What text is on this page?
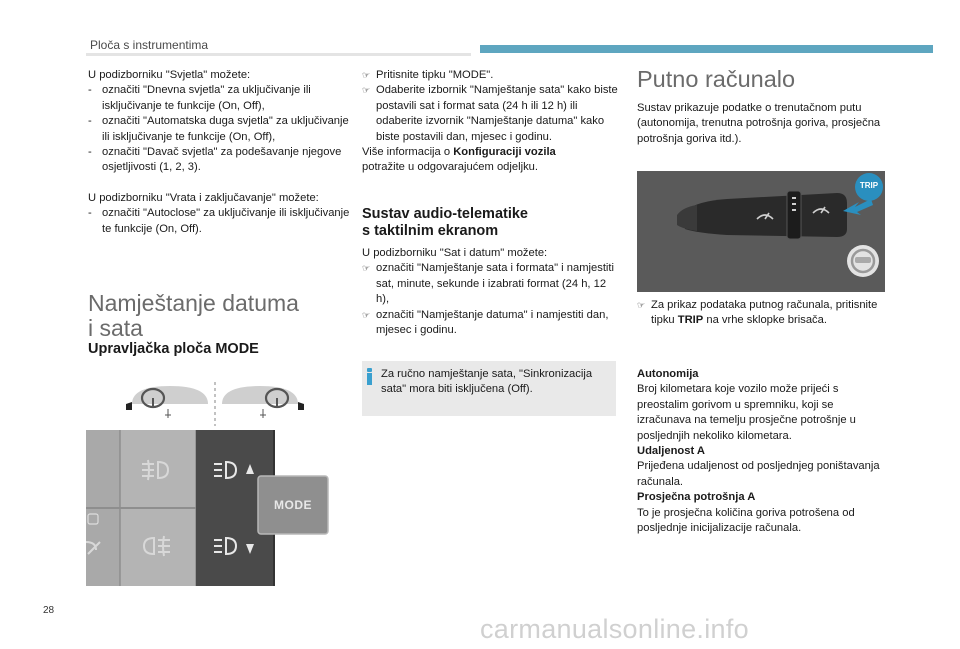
Ploča s instrumentima

U podizborniku "Svjetla" možete:

- označiti "Dnevna svjetla" za uključivanje ili isključivanje te funkcije (On, Off),
- označiti "Automatska duga svjetla" za uključivanje ili isključivanje te funkcije (On, Off),
- označiti "Davač svjetla" za podešavanje njegove osjetljivosti (1, 2, 3).

U podizborniku "Vrata i zaključavanje" možete:

- označiti "Autoclose" za uključivanje ili isključivanje te funkcije (On, Off).
Namještanje datuma
i sata
Upravljačka ploča MODE
MODE
☞ Pritisnite tipku "MODE".
☞ Odaberite izbornik "Namještanje sata" kako biste postavili sat i format sata (24 h ili 12 h) ili odaberite izvornik "Namještanje datuma" kako biste postavili dan, mjesec i godinu.

Više informacija o Konfiguraciji vozila

potražite u odgovarajućem odjeljku.

Sustav audio-telematike
s taktilnim ekranom

U podizborniku "Sat i datum" možete:

☞ označiti "Namještanje sata i formata" i namjestiti sat, minute, sekunde i izabrati format (24 h, 12 h),
☞ označiti "Namještanje datuma" i namjestiti dan, mjesec i godinu.
Za ručno namještanje sata, "Sinkronizacija sata" mora biti isključena (Off).
Putno računalo

Sustav prikazuje podatke o trenutačnom putu (autonomija, trenutna potrošnja goriva, prosječna potrošnja goriva itd.).

TRIP
☞ Za prikaz podataka putnog računala, pritisnite tipku TRIP na vrhe sklopke brisača.

Autonomija

Broj kilometara koje vozilo može prijeći s preostalim gorivom u spremniku, koji se izračunava na temelju prosječne potrošnje u posljednjih nekoliko kilometara.

Udaljenost A

Prijeđena udaljenost od posljednjeg poništavanja računala.

Prosječna potrošnja A

To je prosječna količina goriva potrošena od posljednje inicijalizacije računala.

28
carmanualsonline.info
